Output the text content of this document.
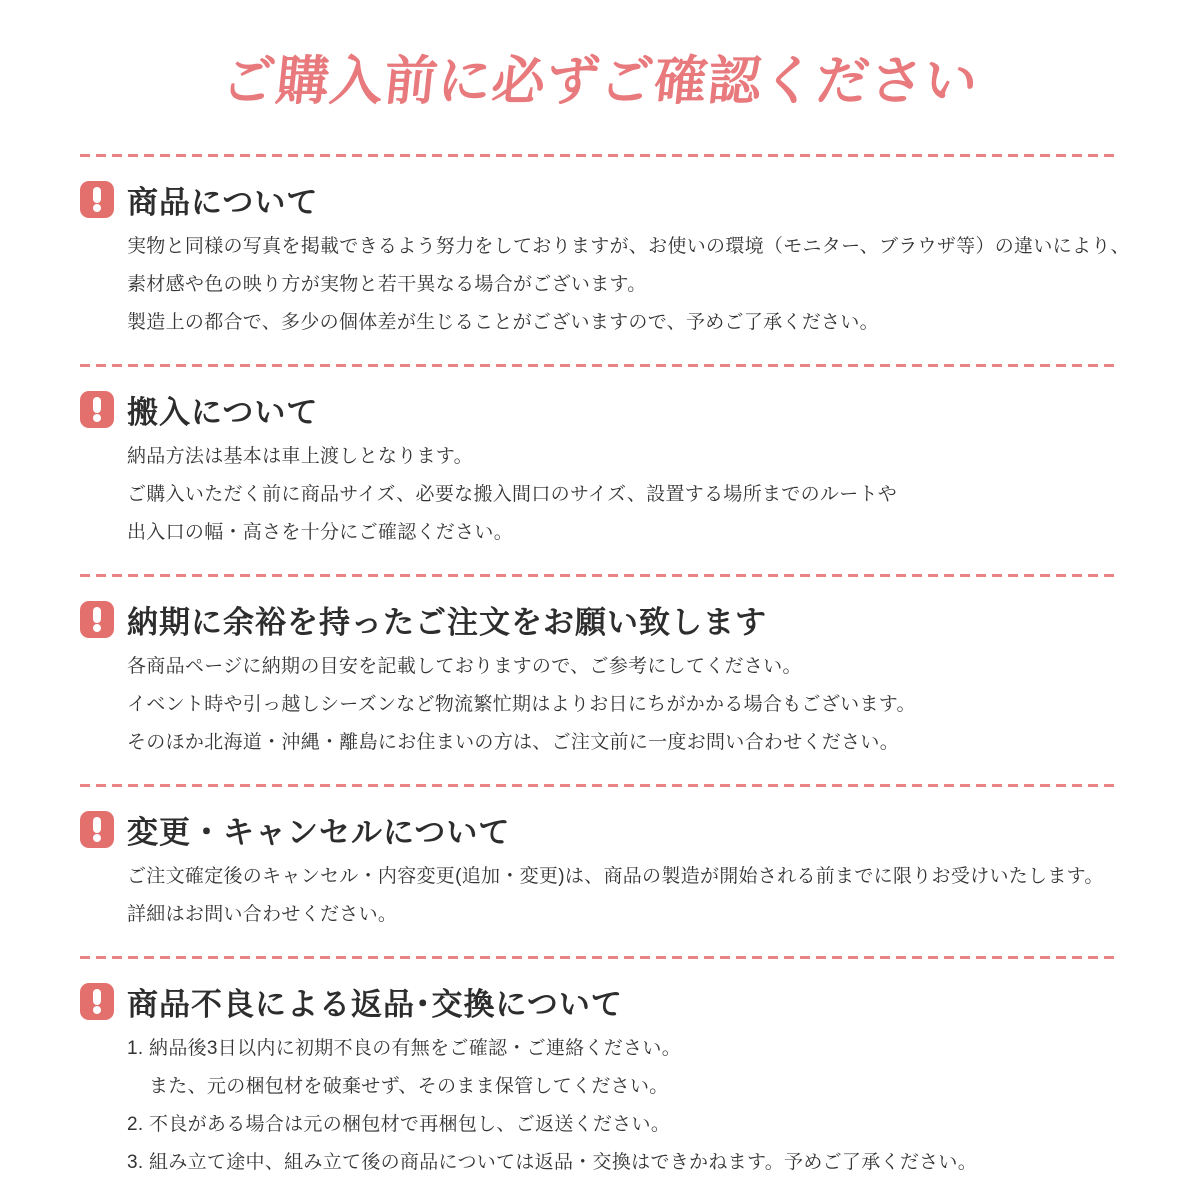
ご購入前に必ずご確認ください
商品について

実物と同様の写真を掲載できるよう努力をしておりますが、お使いの環境（モニター、ブラウザ等）の違いにより、

素材感や色の映り方が実物と若干異なる場合がございます。

製造上の都合で、多少の個体差が生じることがございますので、予めご了承ください。

搬入について

納品方法は基本は車上渡しとなります。

ご購入いただく前に商品サイズ、必要な搬入間口のサイズ、設置する場所までのルートや

出入口の幅・高さを十分にご確認ください。

納期に余裕を持ったご注文をお願い致します

各商品ページに納期の目安を記載しておりますので、ご参考にしてください。

イベント時や引っ越しシーズンなど物流繁忙期はよりお日にちがかかる場合もございます。

そのほか北海道・沖縄・離島にお住まいの方は、ご注文前に一度お問い合わせください。

変更・キャンセルについて

ご注文確定後のキャンセル・内容変更(追加・変更)は、商品の製造が開始される前までに限りお受けいたします。

詳細はお問い合わせください。

商品不良による返品･交換について

1. 納品後3日以内に初期不良の有無をご確認・ご連絡ください。

また、元の梱包材を破棄せず、そのまま保管してください。

2. 不良がある場合は元の梱包材で再梱包し、ご返送ください。

3. 組み立て途中、組み立て後の商品については返品・交換はできかねます。予めご了承ください。
